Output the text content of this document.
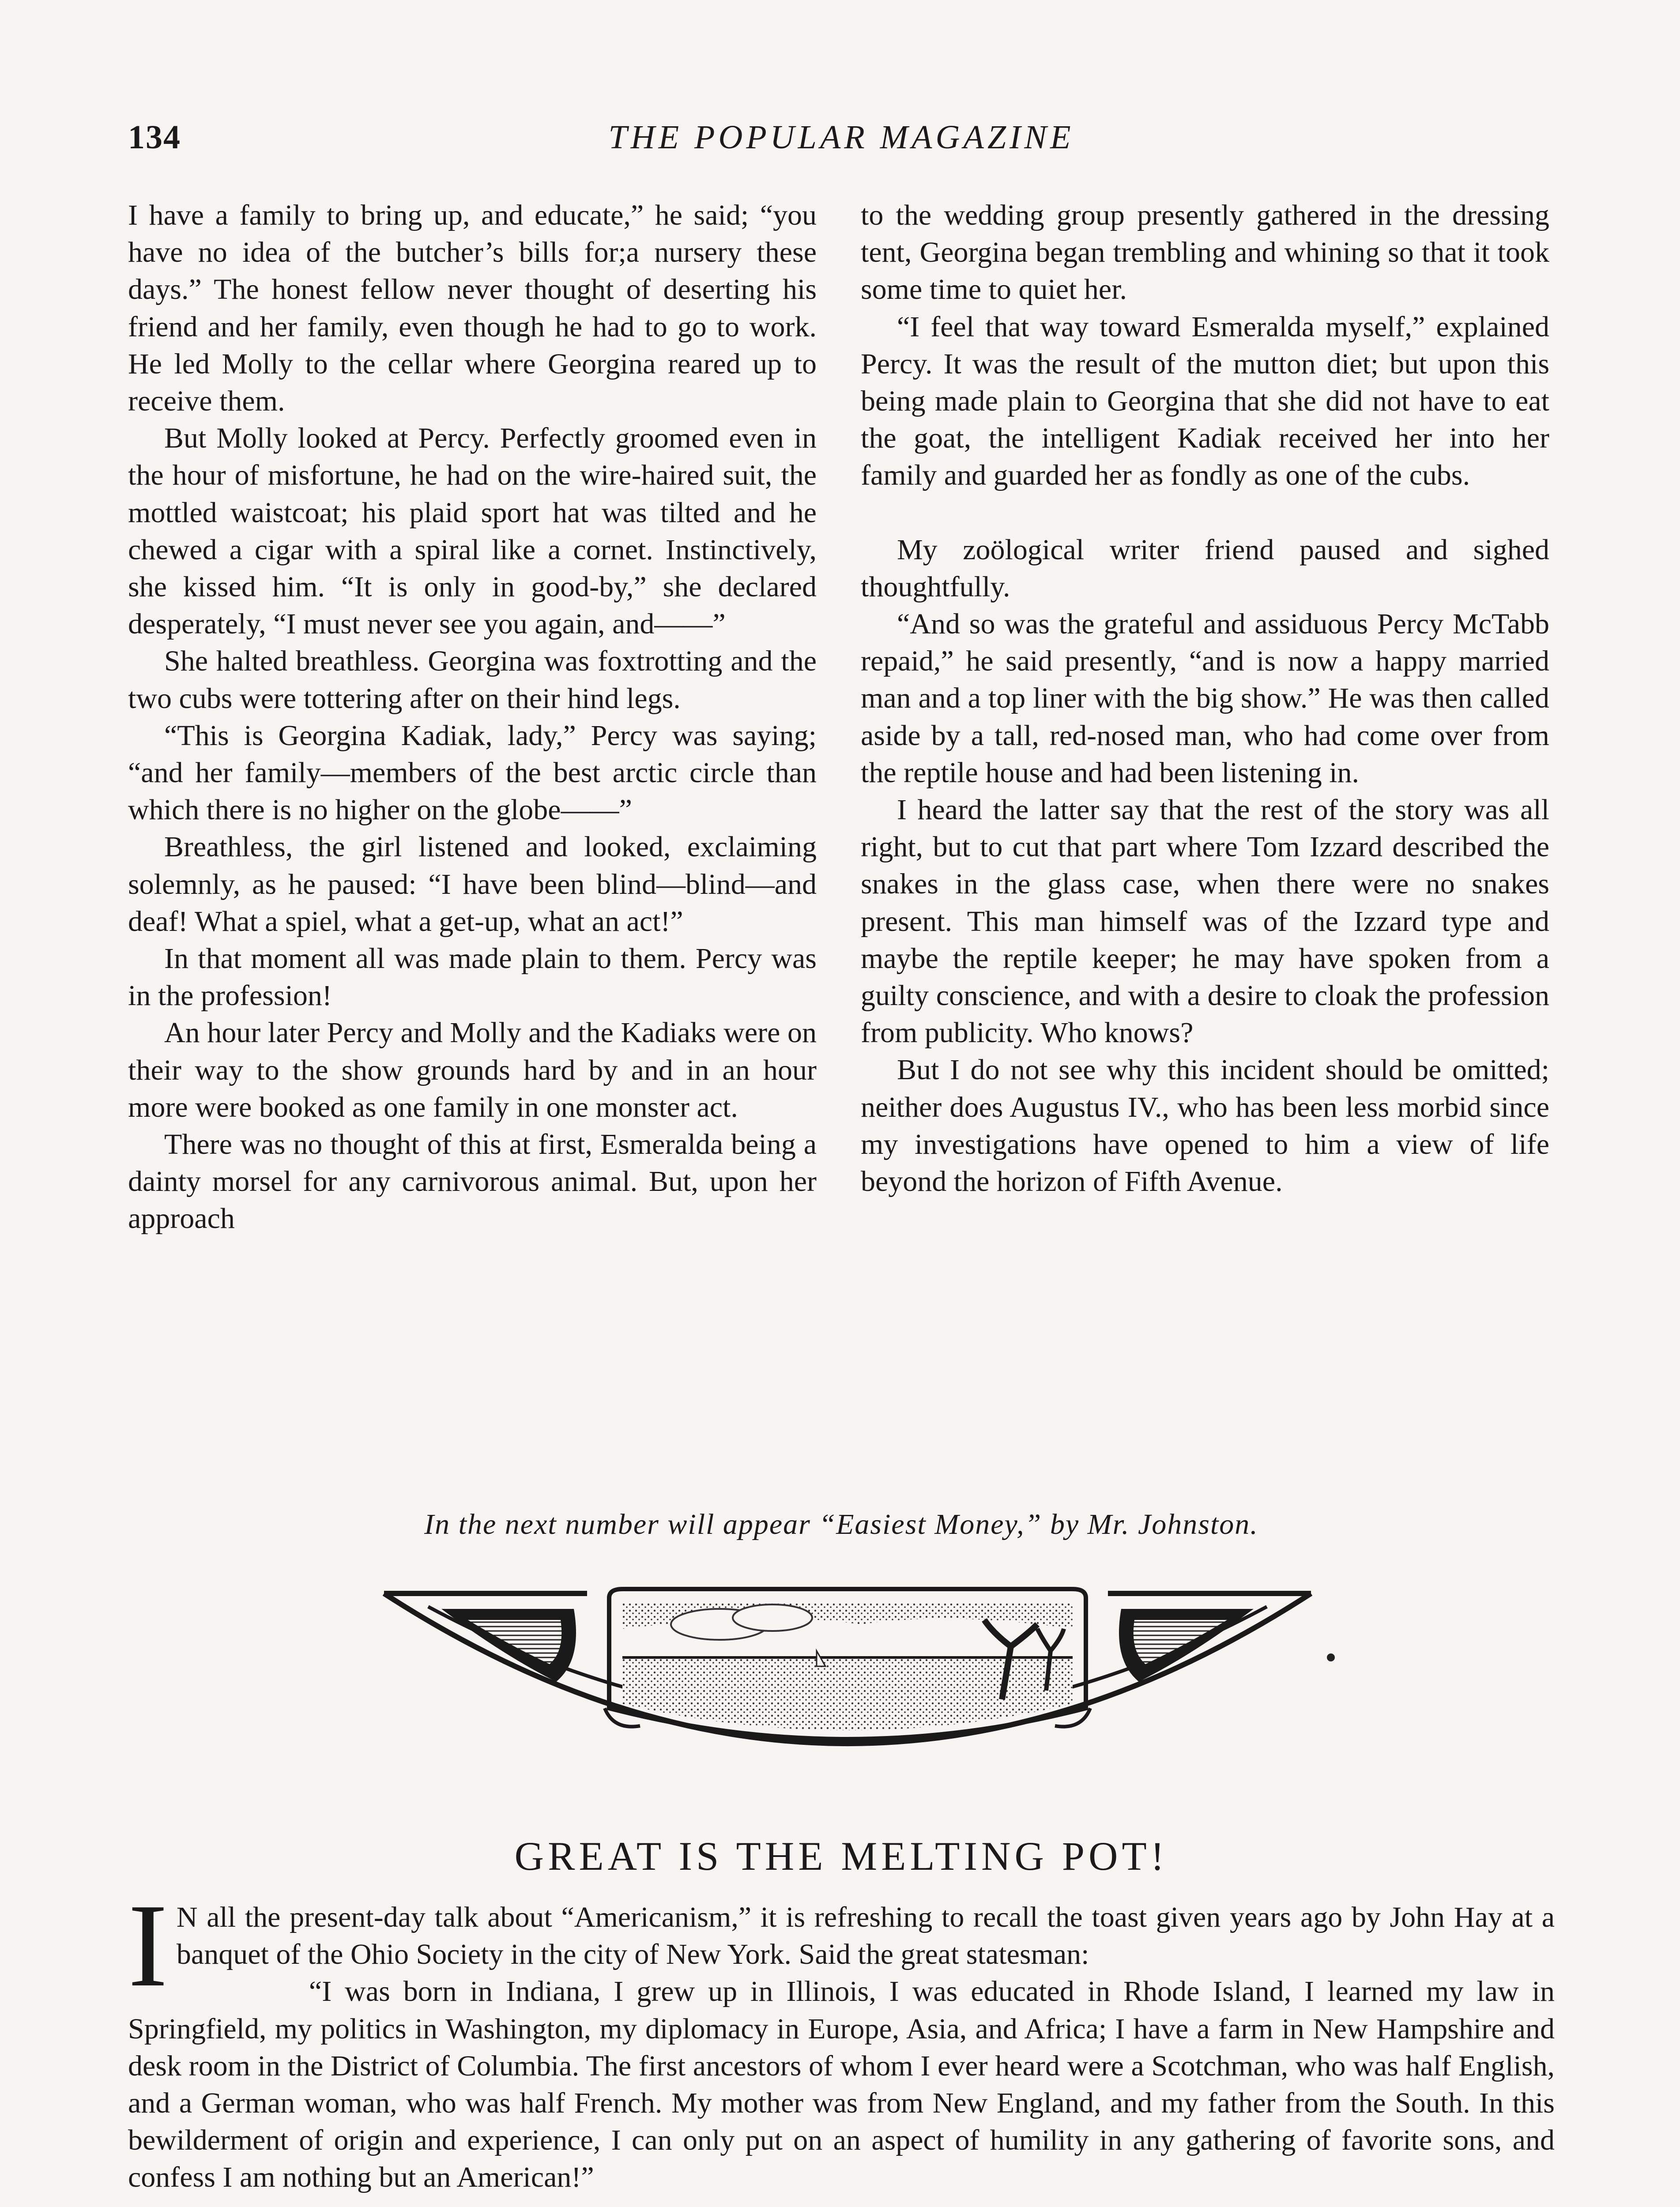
134	THE POPULAR MAGAZINE

I have a family to bring up, and educate,” he said; “you have no idea of the butcher’s bills for;a nursery these days.” The honest fellow never thought of deserting his friend and her family, even though he had to go to work. He led Molly to the cellar where Georgina reared up to receive them.

But Molly looked at Percy. Perfectly groomed even in the hour of misfortune, he had on the wire-haired suit, the mottled waistcoat; his plaid sport hat was tilted and he chewed a cigar with a spiral like a cornet. Instinctively, she kissed him. “It is only in good-by,” she declared desperately, “I must never see you again, and——”

She halted breathless. Georgina was foxtrotting and the two cubs were tottering after on their hind legs.

“This is Georgina Kadiak, lady,” Percy was saying; “and her family—members of the best arctic circle than which there is no higher on the globe——”

Breathless, the girl listened and looked, exclaiming solemnly, as he paused: “I have been blind—blind—and deaf! What a spiel, what a get-up, what an act!”

In that moment all was made plain to them. Percy was in the profession!

An hour later Percy and Molly and the Kadiaks were on their way to the show grounds hard by and in an hour more were booked as one family in one monster act.

There was no thought of this at first, Esmeralda being a dainty morsel for any carnivorous animal. But, upon her approach

to the wedding group presently gathered in the dressing tent, Georgina began trembling and whining so that it took some time to quiet her.

“I feel that way toward Esmeralda myself,” explained Percy. It was the result of the mutton diet; but upon this being made plain to Georgina that she did not have to eat the goat, the intelligent Kadiak received her into her family and guarded her as fondly as one of the cubs.

My zoölogical writer friend paused and sighed thoughtfully.

“And so was the grateful and assiduous Percy McTabb repaid,” he said presently, “and is now a happy married man and a top liner with the big show.” He was then called aside by a tall, red-nosed man, who had come over from the reptile house and had been listening in.

I heard the latter say that the rest of the story was all right, but to cut that part where Tom Izzard described the snakes in the glass case, when there were no snakes present. This man himself was of the Izzard type and maybe the reptile keeper; he may have spoken from a guilty conscience, and with a desire to cloak the profession from publicity. Who knows?

But I do not see why this incident should be omitted; neither does Augustus IV., who has been less morbid since my investigations have opened to him a view of life beyond the horizon of Fifth Avenue.

In the next number will appear “Easiest Money,” by Mr. Johnston.
GREAT IS THE MELTING POT!
I N all the present-day talk about “Americanism,” it is refreshing to recall the toast given years ago by John Hay at a banquet of the Ohio Society in the city of New York. Said the great statesman:

“I was born in Indiana, I grew up in Illinois, I was educated in Rhode Island, I learned my law in Springfield, my politics in Washington, my diplomacy in Europe, Asia, and Africa; I have a farm in New Hampshire and desk room in the District of Columbia. The first ancestors of whom I ever heard were a Scotchman, who was half English, and a German woman, who was half French. My mother was from New England, and my father from the South. In this bewilderment of origin and experience, I can only put on an aspect of humility in any gathering of favorite sons, and confess I am nothing but an American!”
